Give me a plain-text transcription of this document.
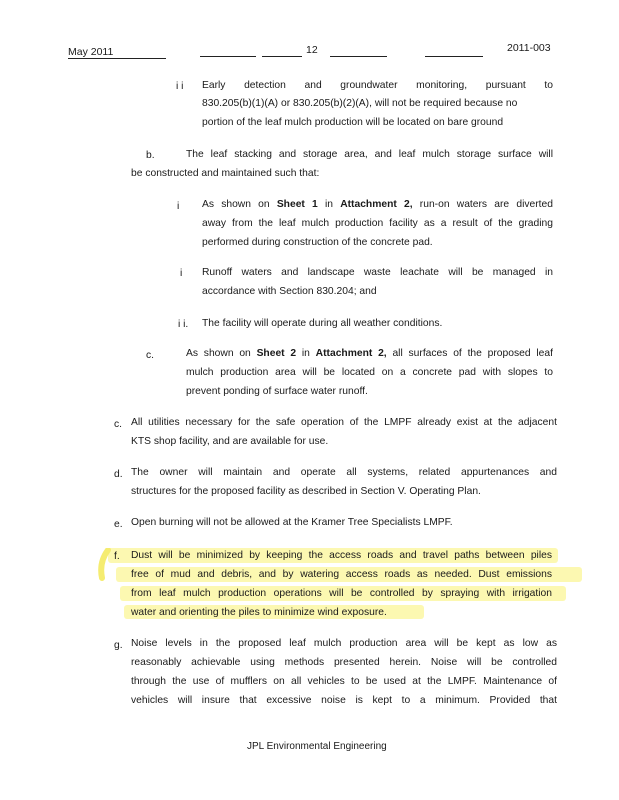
May 2011	12	2011-003
i i Early detection and groundwater monitoring, pursuant to
830.205(b)(1)(A) or 830.205(b)(2)(A), will not be required because no
portion of the leaf mulch production will be located on bare ground
b.	The leaf stacking and storage area, and leaf mulch storage surface will
be constructed and maintained such that:
i As shown on Sheet 1 in Attachment 2, run-on waters are diverted
away from the leaf mulch production facility as a result of the grading
performed during construction of the concrete pad.
i Runoff waters and landscape waste leachate will be managed in
accordance with Section 830.204; and
i i. The facility will operate during all weather conditions.
c.	As shown on Sheet 2 in Attachment 2, all surfaces of the proposed leaf
mulch production area will be located on a concrete pad with slopes to
prevent ponding of surface water runoff.
c. All utilities necessary for the safe operation of the LMPF already exist at the adjacent
KTS shop facility, and are available for use.
d. The owner will maintain and operate all systems, related appurtenances and
structures for the proposed facility as described in Section V. Operating Plan.
e. Open burning will not be allowed at the Kramer Tree Specialists LMPF.
f. Dust will be minimized by keeping the access roads and travel paths between piles
free of mud and debris, and by watering access roads as needed. Dust emissions
from leaf mulch production operations will be controlled by spraying with irrigation
water and orienting the piles to minimize wind exposure.
g. Noise levels in the proposed leaf mulch production area will be kept as low as
reasonably achievable using methods presented herein. Noise will be controlled
through the use of mufflers on all vehicles to be used at the LMPF. Maintenance of
vehicles will insure that excessive noise is kept to a minimum. Provided that
JPL Environmental Engineering
